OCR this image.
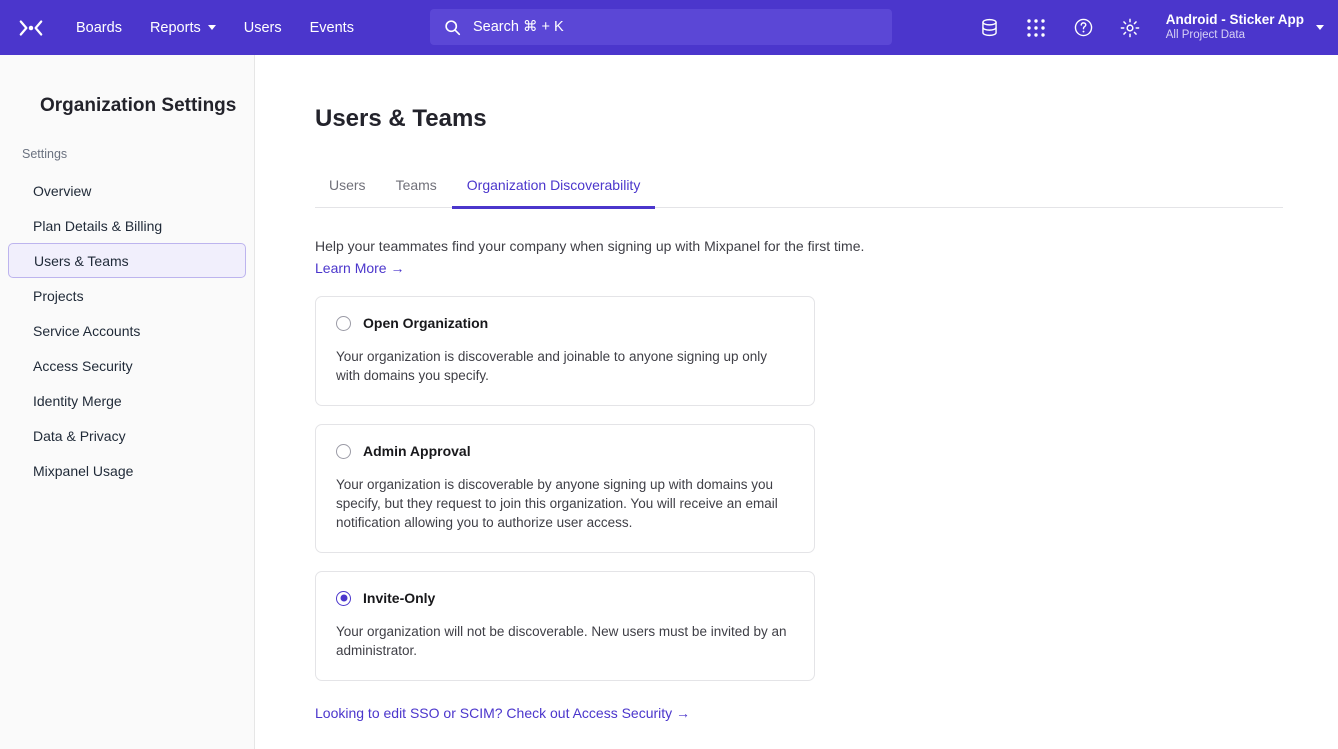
Boards Reports	Users Events	Search ⌘ + K	Android - Sticker App
All Project Data
Organization Settings
Settings
Overview
Plan Details & Billing
Users & Teams
Projects
Service Accounts
Access Security
Identity Merge
Data & Privacy
Mixpanel Usage
Users & Teams
Users	Teams	Organization Discoverability
Help your teammates find your company when signing up with Mixpanel for the first time.
Learn More →
Open Organization
Your organization is discoverable and joinable to anyone signing up only with domains you specify.
Admin Approval
Your organization is discoverable by anyone signing up with domains you specify, but they request to join this organization. You will receive an email notification allowing you to authorize user access.
Invite-Only
Your organization will not be discoverable. New users must be invited by an administrator.
Looking to edit SSO or SCIM? Check out Access Security →
